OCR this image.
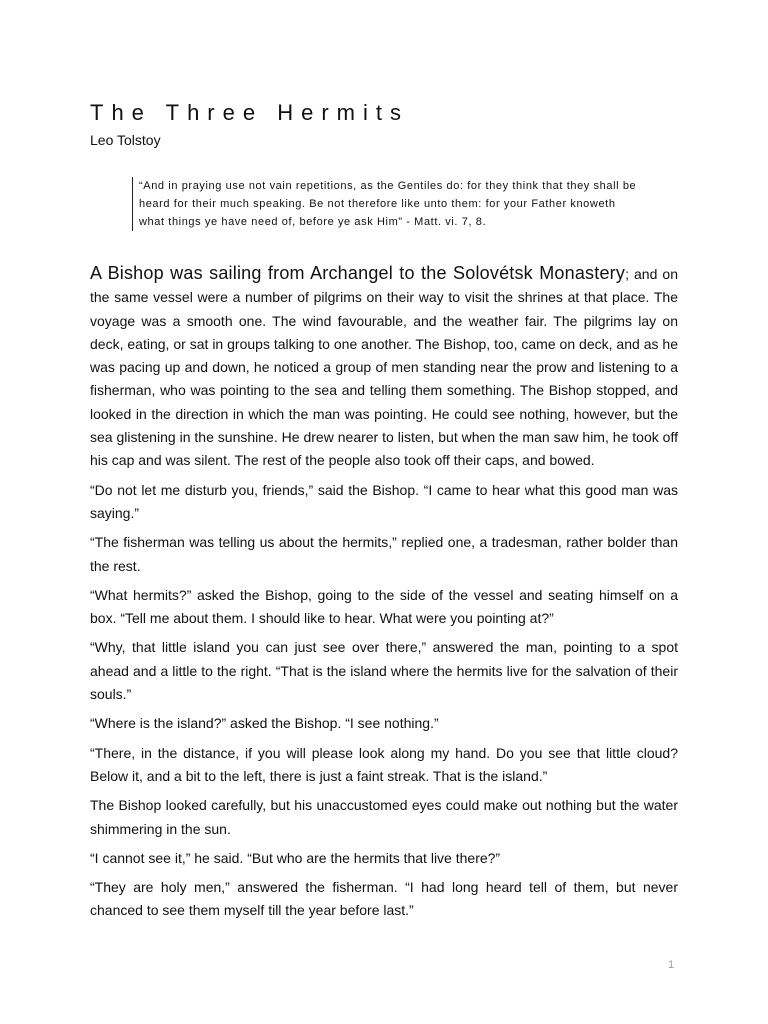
The Three Hermits
Leo Tolstoy
“And in praying use not vain repetitions, as the Gentiles do: for they think that they shall be heard for their much speaking. Be not therefore like unto them: for your Father knoweth what things ye have need of, before ye ask Him” - Matt. vi. 7, 8.

A Bishop was sailing from Archangel to the Solovétsk Monastery; and on the same vessel were a number of pilgrims on their way to visit the shrines at that place. The voyage was a smooth one. The wind favourable, and the weather fair. The pilgrims lay on deck, eating, or sat in groups talking to one another. The Bishop, too, came on deck, and as he was pacing up and down, he noticed a group of men standing near the prow and listening to a fisherman, who was pointing to the sea and telling them something. The Bishop stopped, and looked in the direction in which the man was pointing. He could see nothing, however, but the sea glistening in the sunshine. He drew nearer to listen, but when the man saw him, he took off his cap and was silent. The rest of the people also took off their caps, and bowed.

“Do not let me disturb you, friends,” said the Bishop. “I came to hear what this good man was saying.”

“The fisherman was telling us about the hermits,” replied one, a tradesman, rather bolder than the rest.

“What hermits?” asked the Bishop, going to the side of the vessel and seating himself on a box. “Tell me about them. I should like to hear. What were you pointing at?”

“Why, that little island you can just see over there,” answered the man, pointing to a spot ahead and a little to the right. “That is the island where the hermits live for the salvation of their souls.”

“Where is the island?” asked the Bishop. “I see nothing.”

“There, in the distance, if you will please look along my hand. Do you see that little cloud? Below it, and a bit to the left, there is just a faint streak. That is the island.”

The Bishop looked carefully, but his unaccustomed eyes could make out nothing but the water shimmering in the sun.

“I cannot see it,” he said. “But who are the hermits that live there?”

“They are holy men,” answered the fisherman. “I had long heard tell of them, but never chanced to see them myself till the year before last.”

1
